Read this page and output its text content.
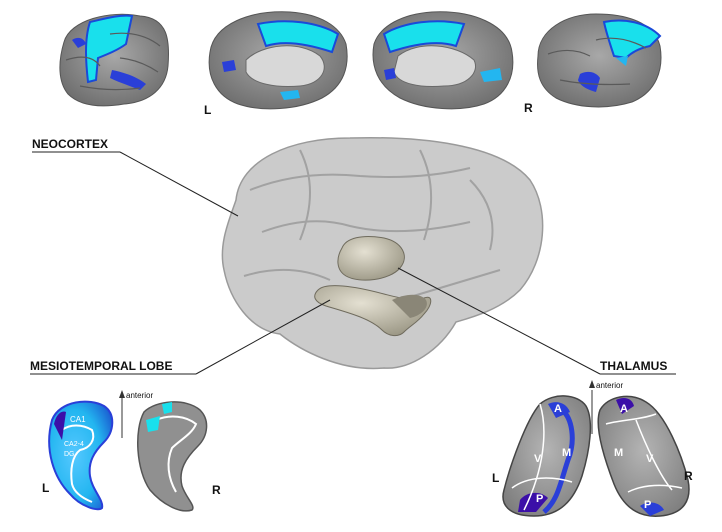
L	R
NEOCORTEX
MESIOTEMPORAL LOBE	THALAMUS
CA1
CA2-4
DG
anterior
L	R
anterior
A
V M
P
A
M V
P
L	R
